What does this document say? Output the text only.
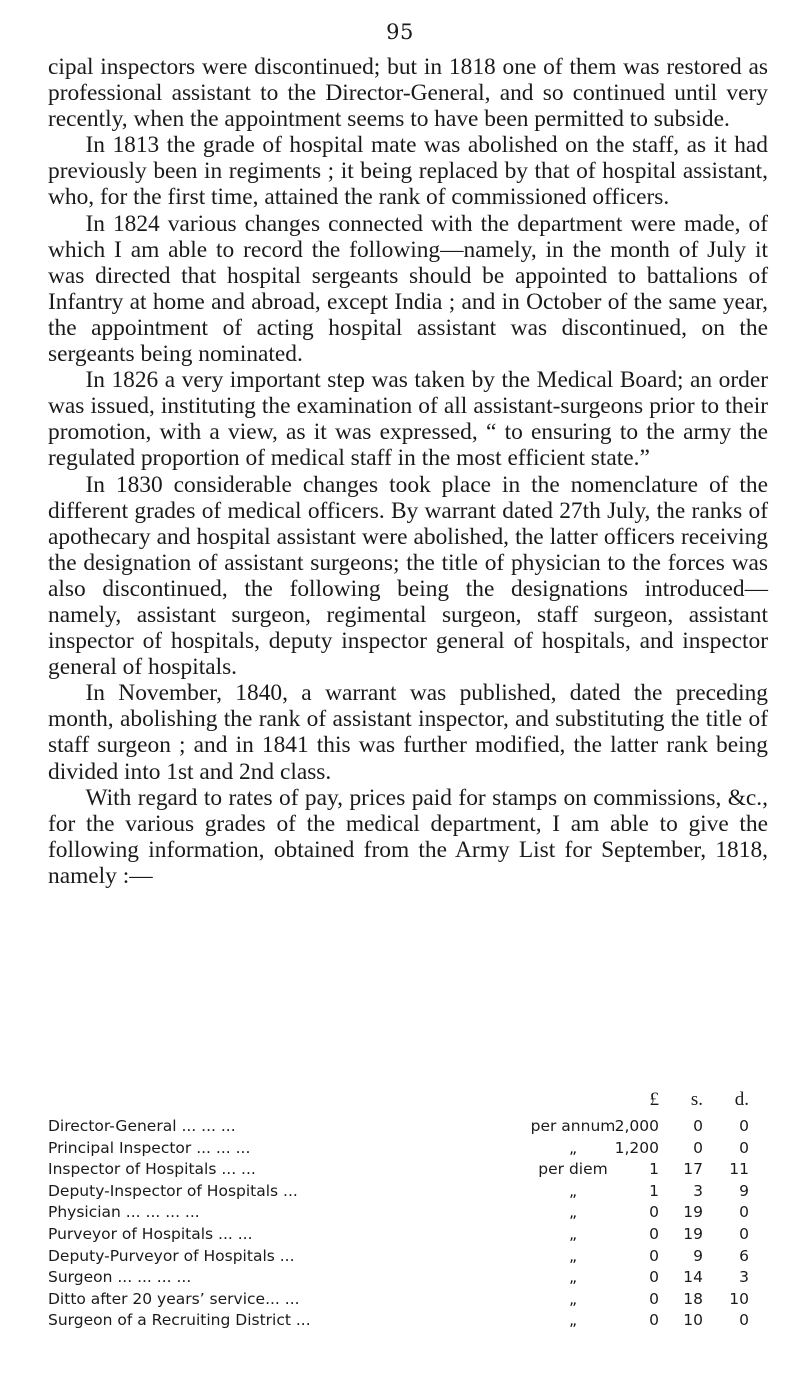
95

cipal inspectors were discontinued; but in 1818 one of them was restored as professional assistant to the Director-General, and so continued until very recently, when the appointment seems to have been permitted to subside.

In 1813 the grade of hospital mate was abolished on the staff, as it had previously been in regiments ; it being replaced by that of hospital assistant, who, for the first time, attained the rank of commissioned officers.

In 1824 various changes connected with the department were made, of which I am able to record the following—namely, in the month of July it was directed that hospital sergeants should be appointed to battalions of Infantry at home and abroad, except India ; and in October of the same year, the appointment of acting hospital assistant was discontinued, on the sergeants being nominated.

In 1826 a very important step was taken by the Medical Board; an order was issued, instituting the examination of all assistant-surgeons prior to their promotion, with a view, as it was expressed, “ to ensuring to the army the regulated proportion of medical staff in the most efficient state.”

In 1830 considerable changes took place in the nomenclature of the different grades of medical officers. By warrant dated 27th July, the ranks of apothecary and hospital assistant were abolished, the latter officers receiving the designation of assistant surgeons; the title of physician to the forces was also discontinued, the following being the designations introduced— namely, assistant surgeon, regimental surgeon, staff surgeon, assistant inspector of hospitals, deputy inspector general of hospitals, and inspector general of hospitals.

In November, 1840, a warrant was published, dated the preceding month, abolishing the rank of assistant inspector, and substituting the title of staff surgeon ; and in 1841 this was further modified, the latter rank being divided into 1st and 2nd class.

With regard to rates of pay, prices paid for stamps on commissions, &c., for the various grades of the medical department, I am able to give the following information, obtained from the Army List for September, 1818, namely :—

£	s.	d.
Director-General ... ... ...	per annum 2,000	0	0
Principal Inspector ... ... ...	„	1,200	0	0
Inspector of Hospitals ... ...	per diem	1	17	11
Deputy-Inspector of Hospitals ...	„	1	3	9
Physician ... ... ... ...	„	0	19	0
Purveyor of Hospitals ... ...	„	0	19	0
Deputy-Purveyor of Hospitals ...	„	0	9	6
Surgeon ... ... ... ...	„	0	14	3
Ditto after 20 years’ service... ...	„	0	18	10
Surgeon of a Recruiting District ...	„	0	10	0
